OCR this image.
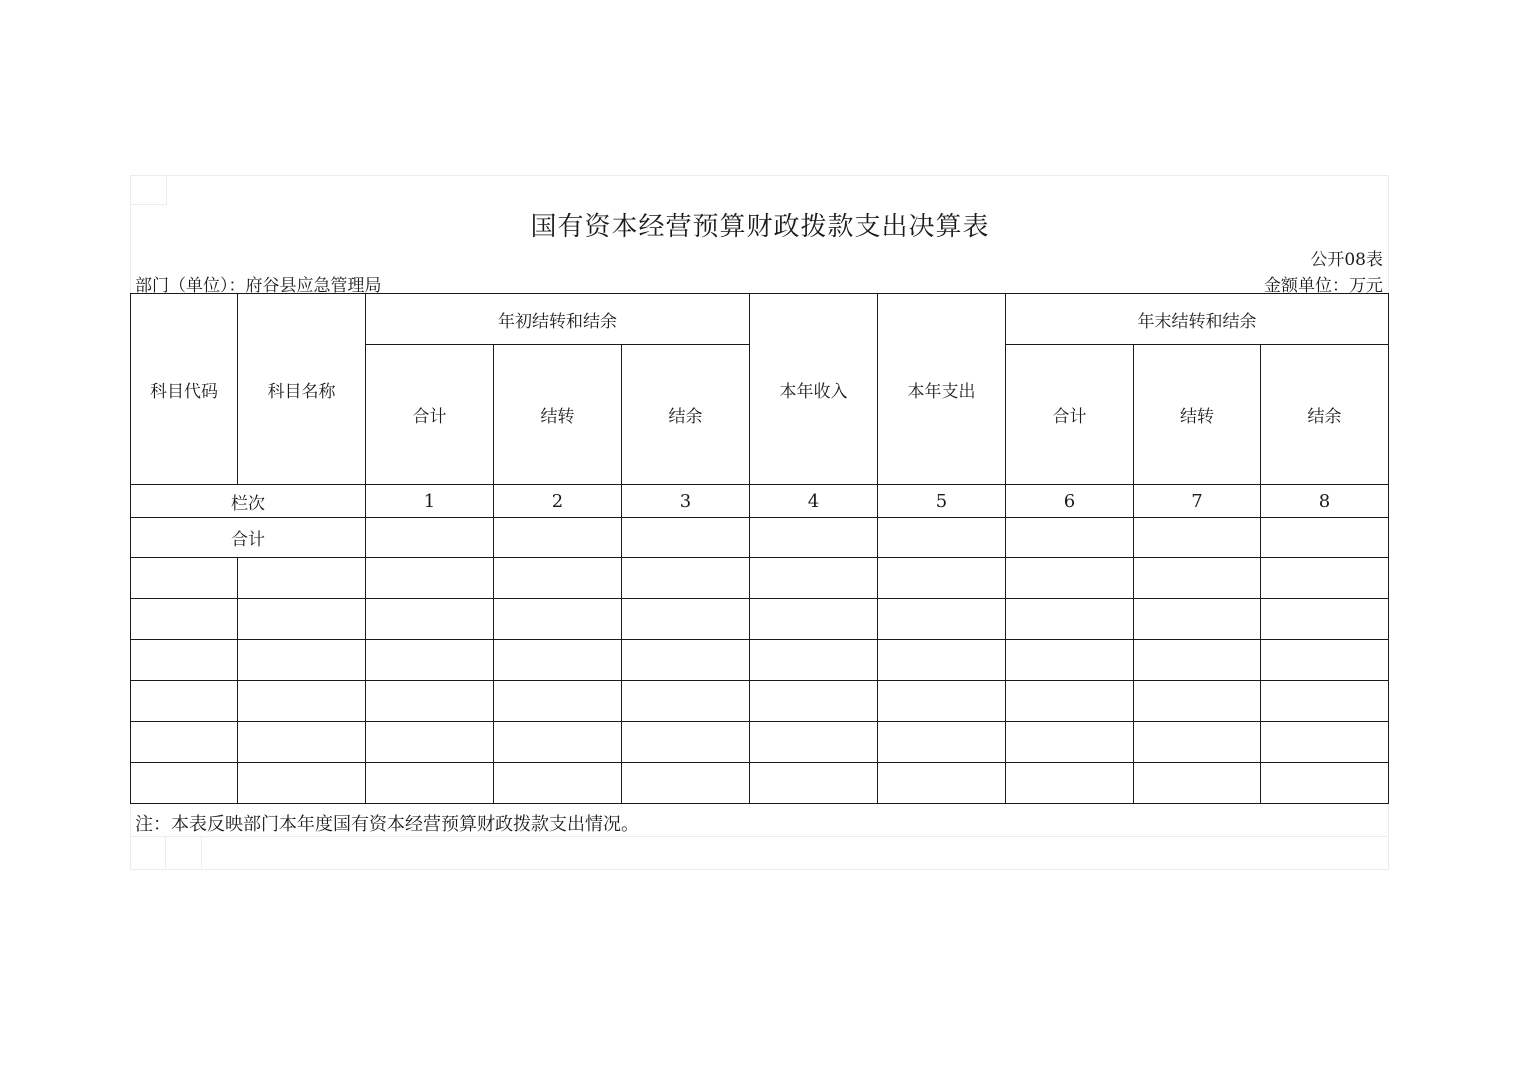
国有资本经营预算财政拨款支出决算表
公开08表
部门（单位）：府谷县应急管理局	金额单位：万元
科目代码	科目名称	年初结转和结余			本年收入	本年支出	年末结转和结余		
		合计	结转	结余			合计	结转	结余
栏次		1	2	3	4	5	6	7	8
合计									

注：本表反映部门本年度国有资本经营预算财政拨款支出情况。
